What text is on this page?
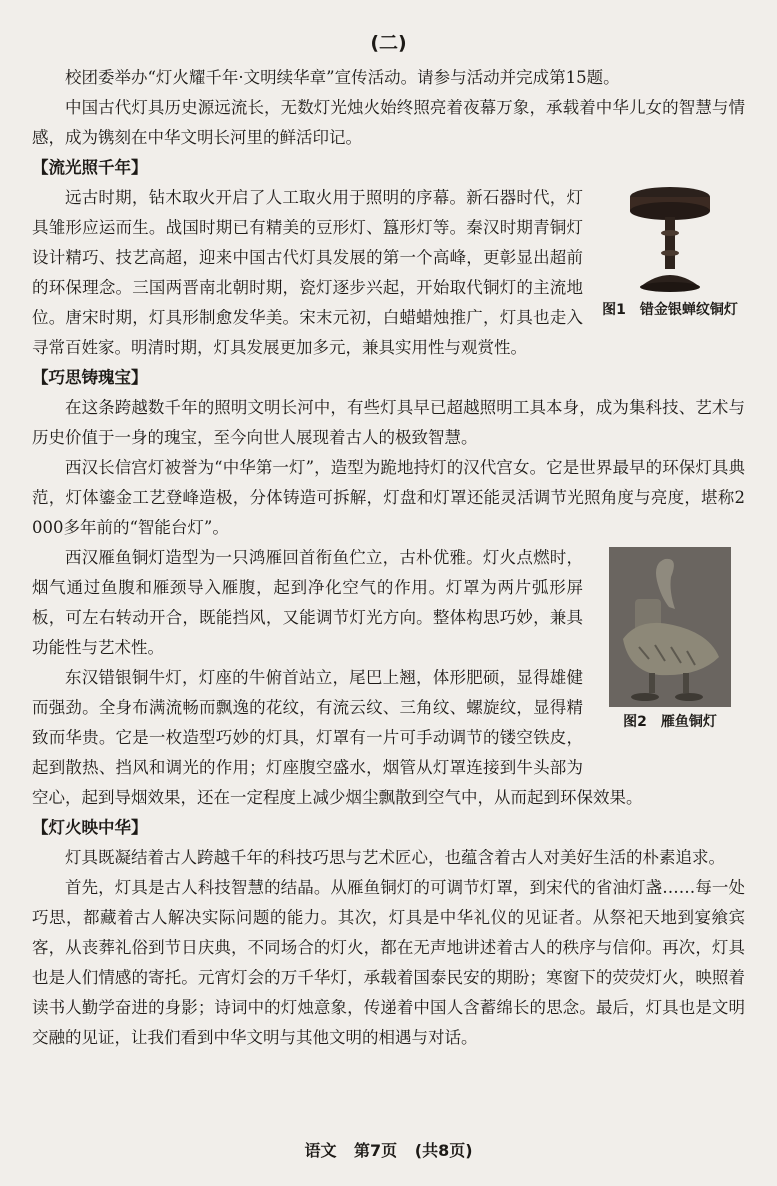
(二)

校团委举办“灯火耀千年·文明续华章”宣传活动。请参与活动并完成第15题。

中国古代灯具历史源远流长，无数灯光烛火始终照亮着夜幕万象，承载着中华儿女的智慧与情感，成为镌刻在中华文明长河里的鲜活印记。

【流光照千年】
图1　错金银蝉纹铜灯

远古时期，钻木取火开启了人工取火用于照明的序幕。新石器时代，灯具雏形应运而生。战国时期已有精美的豆形灯、簋形灯等。秦汉时期青铜灯设计精巧、技艺高超，迎来中国古代灯具发展的第一个高峰，更彰显出超前的环保理念。三国两晋南北朝时期，瓷灯逐步兴起，开始取代铜灯的主流地位。唐宋时期，灯具形制愈发华美。宋末元初，白蜡蜡烛推广，灯具也走入寻常百姓家。明清时期，灯具发展更加多元，兼具实用性与观赏性。

【巧思铸瑰宝】

在这条跨越数千年的照明文明长河中，有些灯具早已超越照明工具本身，成为集科技、艺术与历史价值于一身的瑰宝，至今向世人展现着古人的极致智慧。

西汉长信宫灯被誉为“中华第一灯”，造型为跪地持灯的汉代宫女。它是世界最早的环保灯具典范，灯体鎏金工艺登峰造极，分体铸造可拆解，灯盘和灯罩还能灵活调节光照角度与亮度，堪称2 000多年前的“智能台灯”。

图2　雁鱼铜灯

西汉雁鱼铜灯造型为一只鸿雁回首衔鱼伫立，古朴优雅。灯火点燃时，烟气通过鱼腹和雁颈导入雁腹，起到净化空气的作用。灯罩为两片弧形屏板，可左右转动开合，既能挡风，又能调节灯光方向。整体构思巧妙，兼具功能性与艺术性。

东汉错银铜牛灯，灯座的牛俯首站立，尾巴上翘，体形肥硕，显得雄健而强劲。全身布满流畅而飘逸的花纹，有流云纹、三角纹、螺旋纹，显得精致而华贵。它是一枚造型巧妙的灯具，灯罩有一片可手动调节的镂空铁皮，起到散热、挡风和调光的作用；灯座腹空盛水，烟管从灯罩连接到牛头部为空心，起到导烟效果，还在一定程度上减少烟尘飘散到空气中，从而起到环保效果。

【灯火映中华】

灯具既凝结着古人跨越千年的科技巧思与艺术匠心，也蕴含着古人对美好生活的朴素追求。

首先，灯具是古人科技智慧的结晶。从雁鱼铜灯的可调节灯罩，到宋代的省油灯盏……每一处巧思，都藏着古人解决实际问题的能力。其次，灯具是中华礼仪的见证者。从祭祀天地到宴飨宾客，从丧葬礼俗到节日庆典，不同场合的灯火，都在无声地讲述着古人的秩序与信仰。再次，灯具也是人们情感的寄托。元宵灯会的万千华灯，承载着国泰民安的期盼；寒窗下的荧荧灯火，映照着读书人勤学奋进的身影；诗词中的灯烛意象，传递着中国人含蓄绵长的思念。最后，灯具也是文明交融的见证，让我们看到中华文明与其他文明的相遇与对话。

语文 第7页 (共8页)
